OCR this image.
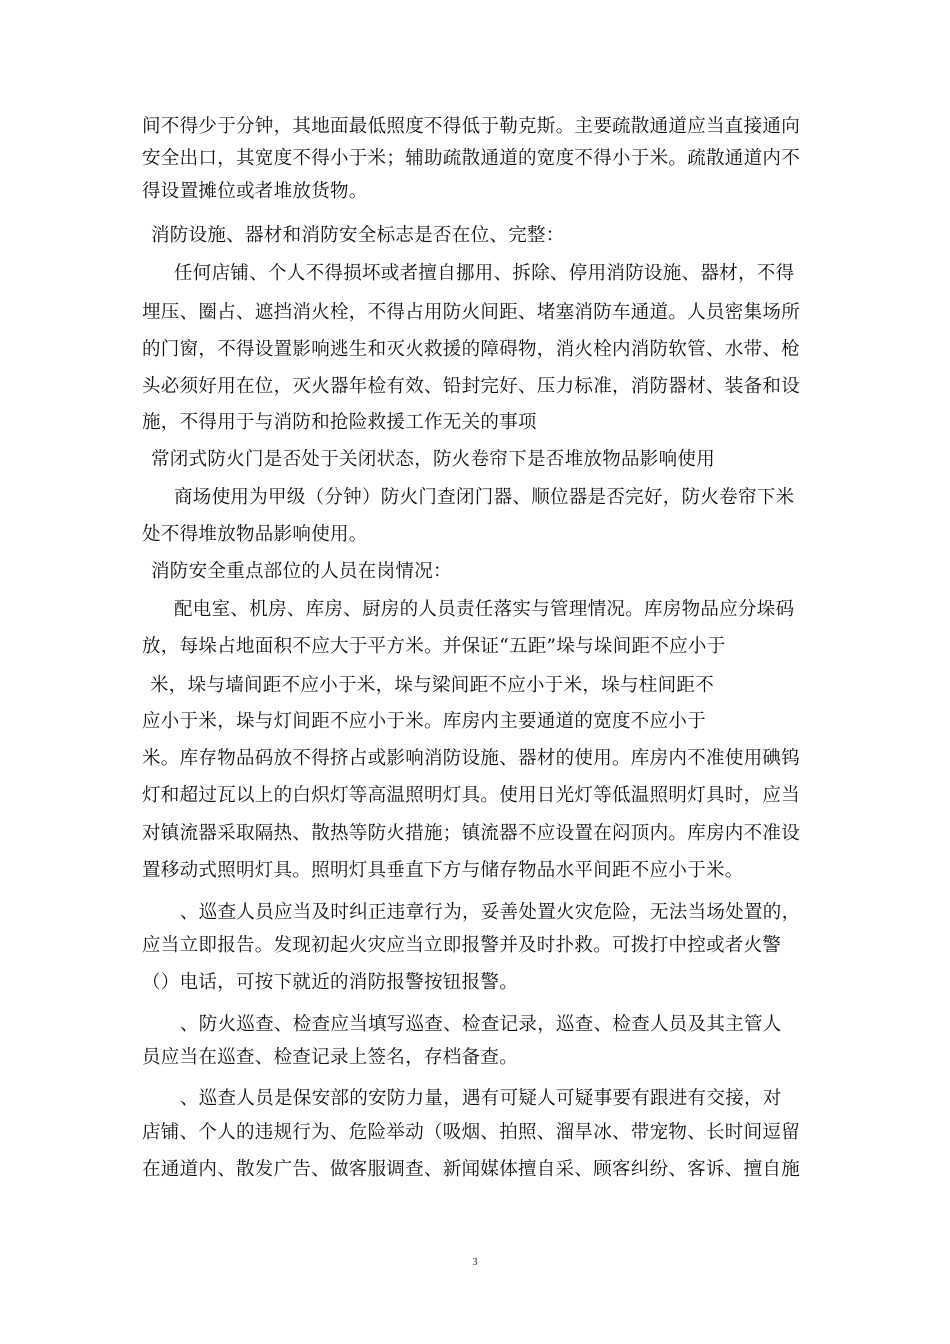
间不得少于分钟，其地面最低照度不得低于勒克斯。主要疏散通道应当直接通向
安全出口，其宽度不得小于米；辅助疏散通道的宽度不得小于米。疏散通道内不
得设置摊位或者堆放货物。
消防设施、器材和消防安全标志是否在位、完整：
任何店铺、个人不得损坏或者擅自挪用、拆除、停用消防设施、器材，不得
埋压、圈占、遮挡消火栓，不得占用防火间距、堵塞消防车通道。人员密集场所
的门窗，不得设置影响逃生和灭火救援的障碍物，消火栓内消防软管、水带、枪
头必须好用在位，灭火器年检有效、铅封完好、压力标准，消防器材、装备和设
施，不得用于与消防和抢险救援工作无关的事项
常闭式防火门是否处于关闭状态，防火卷帘下是否堆放物品影响使用
商场使用为甲级（分钟）防火门查闭门器、顺位器是否完好，防火卷帘下米
处不得堆放物品影响使用。
消防安全重点部位的人员在岗情况：
配电室、机房、库房、厨房的人员责任落实与管理情况。库房物品应分垛码
放，每垛占地面积不应大于平方米。并保证“五距”垛与垛间距不应小于
米，垛与墙间距不应小于米，垛与梁间距不应小于米，垛与柱间距不
应小于米，垛与灯间距不应小于米。库房内主要通道的宽度不应小于
米。库存物品码放不得挤占或影响消防设施、器材的使用。库房内不准使用碘钨
灯和超过瓦以上的白炽灯等高温照明灯具。使用日光灯等低温照明灯具时，应当
对镇流器采取隔热、散热等防火措施；镇流器不应设置在闷顶内。库房内不准设
置移动式照明灯具。照明灯具垂直下方与储存物品水平间距不应小于米。
、巡查人员应当及时纠正违章行为，妥善处置火灾危险，无法当场处置的，
应当立即报告。发现初起火灾应当立即报警并及时扑救。可拨打中控或者火警
（）电话，可按下就近的消防报警按钮报警。
、防火巡查、检查应当填写巡查、检查记录，巡查、检查人员及其主管人
员应当在巡查、检查记录上签名，存档备查。
、巡查人员是保安部的安防力量，遇有可疑人可疑事要有跟进有交接，对
店铺、个人的违规行为、危险举动（吸烟、拍照、溜旱冰、带宠物、长时间逗留
在通道内、散发广告、做客服调查、新闻媒体擅自采、顾客纠纷、客诉、擅自施
3
